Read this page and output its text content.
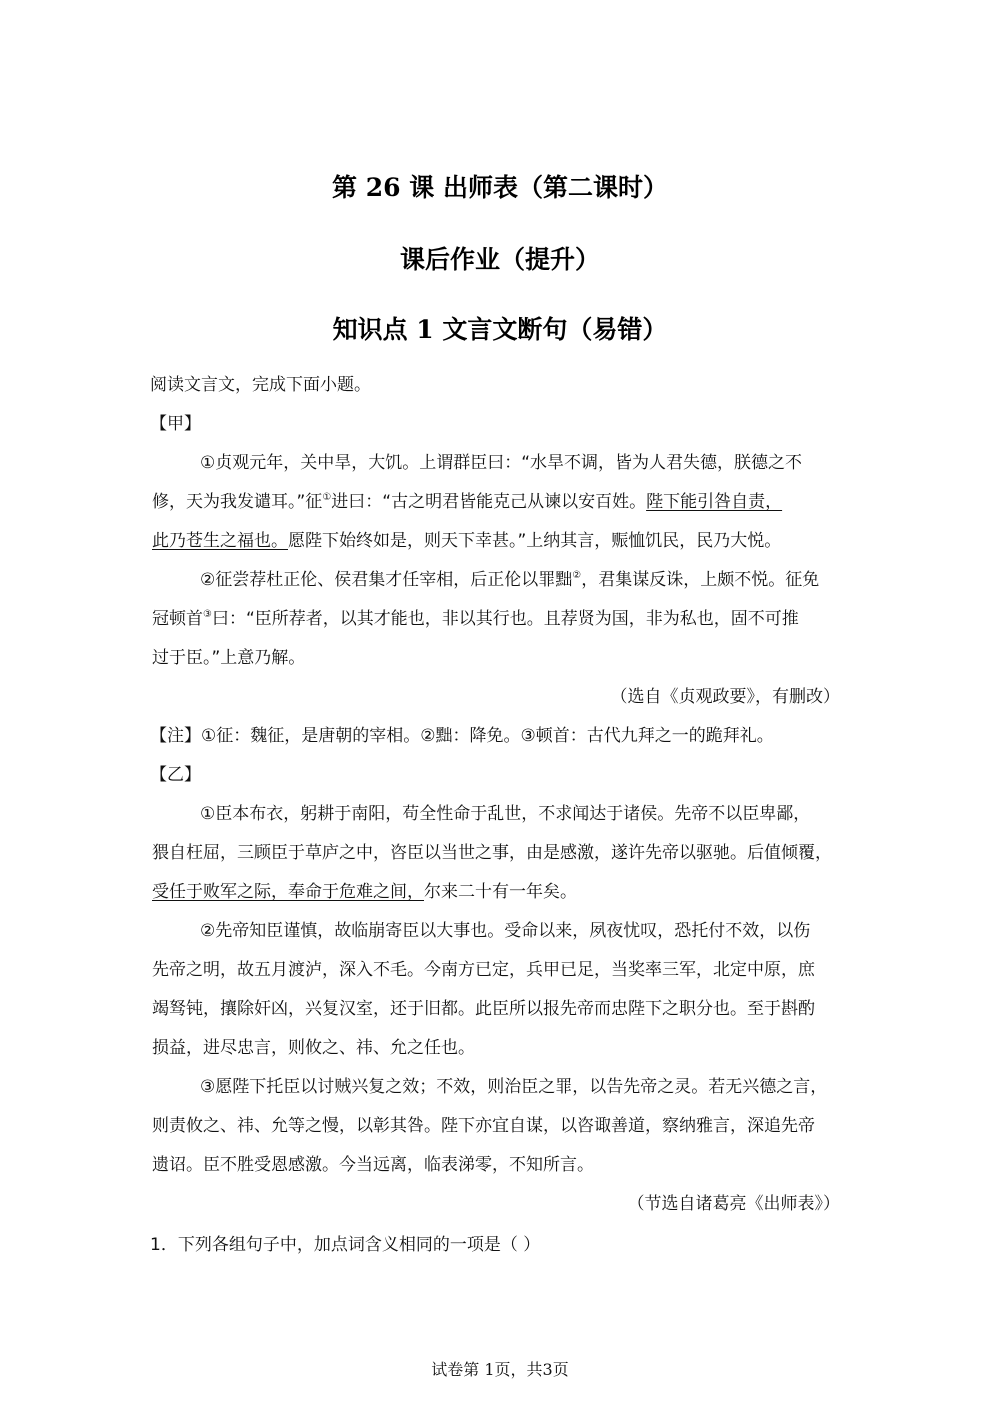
第 26 课 出师表（第二课时）
课后作业（提升）
知识点 1 文言文断句（易错）
阅读文言文，完成下面小题。
【甲】
①贞观元年，关中旱，大饥。上谓群臣曰：“水旱不调，皆为人君失德，朕德之不
修，天为我发谴耳。”征①进曰：“古之明君皆能克己从谏以安百姓。陛下能引咎自责，
此乃苍生之福也。愿陛下始终如是，则天下幸甚。”上纳其言，赈恤饥民，民乃大悦。
②征尝荐杜正伦、侯君集才任宰相，后正伦以罪黜②，君集谋反诛，上颇不悦。征免
冠顿首③曰：“臣所荐者，以其才能也，非以其行也。且荐贤为国，非为私也，固不可推
过于臣。”上意乃解。
（选自《贞观政要》，有删改）
【注】①征：魏征，是唐朝的宰相。②黜：降免。③顿首：古代九拜之一的跪拜礼。
【乙】
①臣本布衣，躬耕于南阳，苟全性命于乱世，不求闻达于诸侯。先帝不以臣卑鄙，
猥自枉屈，三顾臣于草庐之中，咨臣以当世之事，由是感激，遂许先帝以驱驰。后值倾覆，
受任于败军之际，奉命于危难之间，尔来二十有一年矣。
②先帝知臣谨慎，故临崩寄臣以大事也。受命以来，夙夜忧叹，恐托付不效，以伤
先帝之明，故五月渡泸，深入不毛。今南方已定，兵甲已足，当奖率三军，北定中原，庶
竭驽钝，攘除奸凶，兴复汉室，还于旧都。此臣所以报先帝而忠陛下之职分也。至于斟酌
损益，进尽忠言，则攸之、祎、允之任也。
③愿陛下托臣以讨贼兴复之效；不效，则治臣之罪，以告先帝之灵。若无兴德之言，
则责攸之、祎、允等之慢，以彰其咎。陛下亦宜自谋，以咨诹善道，察纳雅言，深追先帝
遗诏。臣不胜受恩感激。今当远离，临表涕零，不知所言。
（节选自诸葛亮《出师表》）
1．下列各组句子中，加点词含义相同的一项是（ ）
试卷第 1页，共3页
